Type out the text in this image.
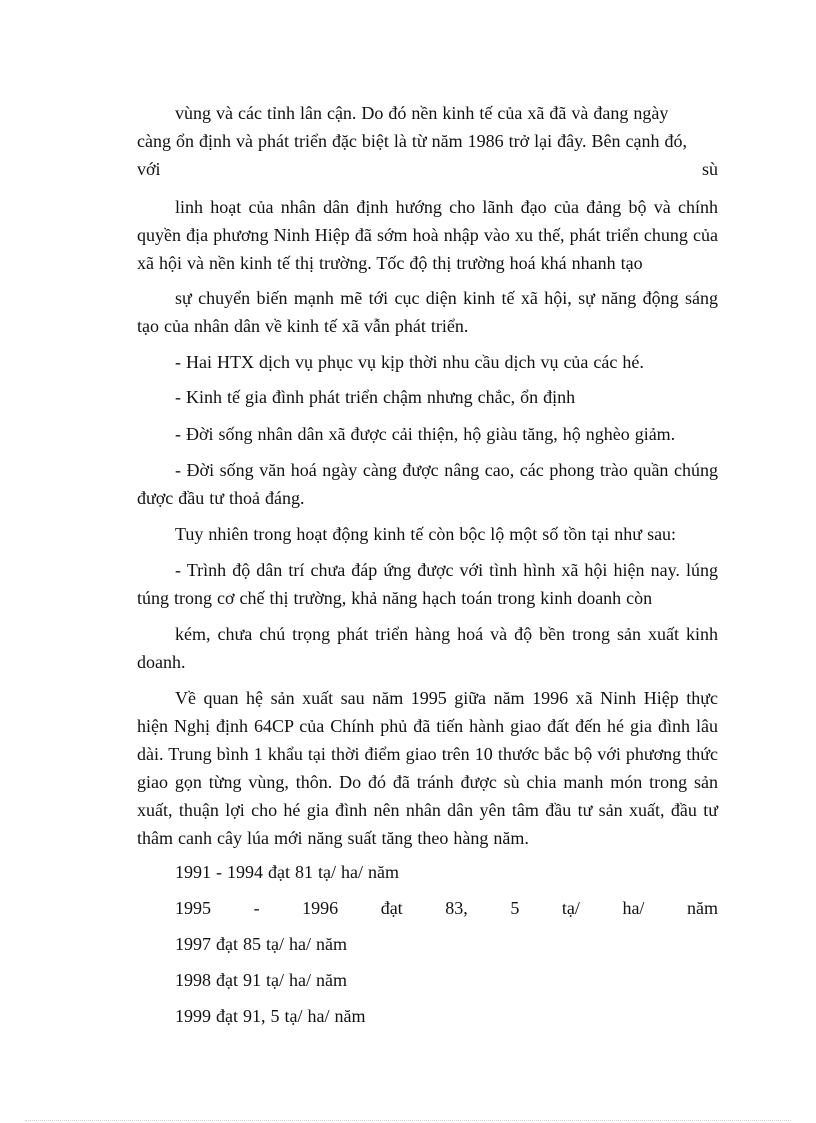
vùng và các tỉnh lân cận. Do đó nền kinh tế của xã đã và đang ngày

càng ổn định và phát triển đặc biệt là từ năm 1986 trở lại đây. Bên cạnh đó,

với	sù

linh hoạt của nhân dân định hướng cho lãnh đạo của đảng bộ và chính quyền địa phương Ninh Hiệp đã sớm hoà nhập vào xu thế, phát triển chung của xã hội và nền kinh tế thị trường. Tốc độ thị trường hoá khá nhanh tạo

sự chuyển biến mạnh mẽ tới cục diện kinh tế xã hội, sự năng động sáng tạo của nhân dân về kinh tế xã vẫn phát triển.

- Hai HTX dịch vụ phục vụ kịp thời nhu cầu dịch vụ của các hé.

- Kinh tế gia đình phát triển chậm nhưng chắc, ổn định

- Đời sống nhân dân xã được cải thiện, hộ giàu tăng, hộ nghèo giảm.

- Đời sống văn hoá ngày càng được nâng cao, các phong trào quần chúng được đầu tư thoả đáng.

Tuy nhiên trong hoạt động kinh tế còn bộc lộ một số tồn tại như sau:

- Trình độ dân trí chưa đáp ứng được với tình hình xã hội hiện nay. lúng túng trong cơ chế thị trường, khả năng hạch toán trong kinh doanh còn

kém, chưa chú trọng phát triển hàng hoá và độ bền trong sản xuất kinh doanh.

Về quan hệ sản xuất sau năm 1995 giữa năm 1996 xã Ninh Hiệp thực hiện Nghị định 64CP của Chính phủ đã tiến hành giao đất đến hé gia đình lâu dài. Trung bình 1 khẩu tại thời điểm giao trên 10 thước bắc bộ với phương thức giao gọn từng vùng, thôn. Do đó đã tránh được sù chia manh món trong sản xuất, thuận lợi cho hé gia đình nên nhân dân yên tâm đầu tư sản xuất, đầu tư thâm canh cây lúa mới năng suất tăng theo hàng năm.

1991 - 1994 đạt 81 tạ/ ha/ năm

1995 - 1996 đạt 83, 5 tạ/ ha/ năm

1997 đạt 85 tạ/ ha/ năm

1998 đạt 91 tạ/ ha/ năm

1999 đạt 91, 5 tạ/ ha/ năm
